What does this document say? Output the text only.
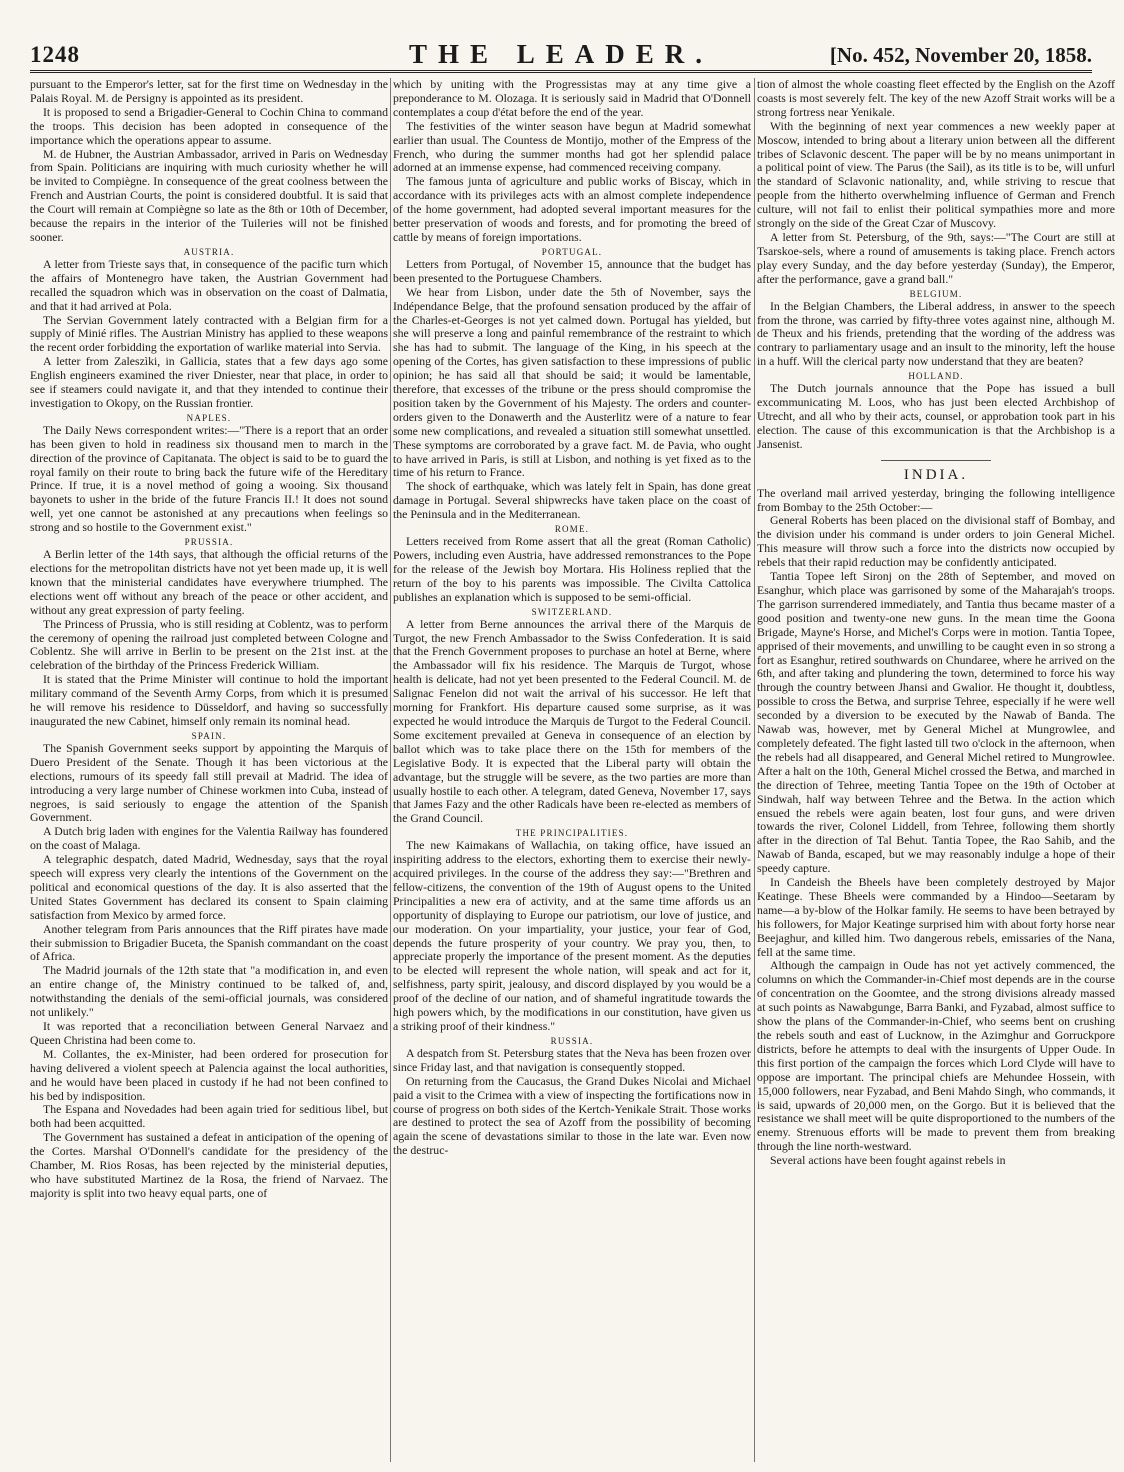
1248	THE LEADER.	[No. 452, November 20, 1858.

pursuant to the Emperor's letter, sat for the first time on Wednesday in the Palais Royal. M. de Persigny is appointed as its president.

It is proposed to send a Brigadier-General to Cochin China to command the troops. This decision has been adopted in consequence of the importance which the operations appear to assume.

M. de Hubner, the Austrian Ambassador, arrived in Paris on Wednesday from Spain. Politicians are inquiring with much curiosity whether he will be invited to Compiègne. In consequence of the great coolness between the French and Austrian Courts, the point is considered doubtful. It is said that the Court will remain at Compiègne so late as the 8th or 10th of December, because the repairs in the interior of the Tuileries will not be finished sooner.

AUSTRIA.

A letter from Trieste says that, in consequence of the pacific turn which the affairs of Montenegro have taken, the Austrian Government had recalled the squadron which was in observation on the coast of Dalmatia, and that it had arrived at Pola.

The Servian Government lately contracted with a Belgian firm for a supply of Minié rifles. The Austrian Ministry has applied to these weapons the recent order forbidding the exportation of warlike material into Servia.

A letter from Zaleszìki, in Gallicia, states that a few days ago some English engineers examined the river Dniester, near that place, in order to see if steamers could navigate it, and that they intended to continue their investigation to Okopy, on the Russian frontier.

NAPLES.

The Daily News correspondent writes:—"There is a report that an order has been given to hold in readiness six thousand men to march in the direction of the province of Capitanata. The object is said to be to guard the royal family on their route to bring back the future wife of the Hereditary Prince. If true, it is a novel method of going a wooing. Six thousand bayonets to usher in the bride of the future Francis II.! It does not sound well, yet one cannot be astonished at any precautions when feelings so strong and so hostile to the Government exist."

PRUSSIA.

A Berlin letter of the 14th says, that although the official returns of the elections for the metropolitan districts have not yet been made up, it is well known that the ministerial candidates have everywhere triumphed. The elections went off without any breach of the peace or other accident, and without any great expression of party feeling.

The Princess of Prussia, who is still residing at Coblentz, was to perform the ceremony of opening the railroad just completed between Cologne and Coblentz. She will arrive in Berlin to be present on the 21st inst. at the celebration of the birthday of the Princess Frederick William.

It is stated that the Prime Minister will continue to hold the important military command of the Seventh Army Corps, from which it is presumed he will remove his residence to Düsseldorf, and having so successfully inaugurated the new Cabinet, himself only remain its nominal head.

SPAIN.

The Spanish Government seeks support by appointing the Marquis of Duero President of the Senate. Though it has been victorious at the elections, rumours of its speedy fall still prevail at Madrid. The idea of introducing a very large number of Chinese workmen into Cuba, instead of negroes, is said seriously to engage the attention of the Spanish Government.

A Dutch brig laden with engines for the Valentia Railway has foundered on the coast of Malaga.

A telegraphic despatch, dated Madrid, Wednesday, says that the royal speech will express very clearly the intentions of the Government on the political and economical questions of the day. It is also asserted that the United States Government has declared its consent to Spain claiming satisfaction from Mexico by armed force.

Another telegram from Paris announces that the Riff pirates have made their submission to Brigadier Buceta, the Spanish commandant on the coast of Africa.

The Madrid journals of the 12th state that "a modification in, and even an entire change of, the Ministry continued to be talked of, and, notwithstanding the denials of the semi-official journals, was considered not unlikely."

It was reported that a reconciliation between General Narvaez and Queen Christina had been come to.

M. Collantes, the ex-Minister, had been ordered for prosecution for having delivered a violent speech at Palencia against the local authorities, and he would have been placed in custody if he had not been confined to his bed by indisposition.

The Espana and Novedades had been again tried for seditious libel, but both had been acquitted.

The Government has sustained a defeat in anticipation of the opening of the Cortes. Marshal O'Donnell's candidate for the presidency of the Chamber, M. Rios Rosas, has been rejected by the ministerial deputies, who have substituted Martinez de la Rosa, the friend of Narvaez. The majority is split into two heavy equal parts, one of

which by uniting with the Progressistas may at any time give a preponderance to M. Olozaga. It is seriously said in Madrid that O'Donnell contemplates a coup d'état before the end of the year.

The festivities of the winter season have begun at Madrid somewhat earlier than usual. The Countess de Montijo, mother of the Empress of the French, who during the summer months had got her splendid palace adorned at an immense expense, had commenced receiving company.

The famous junta of agriculture and public works of Biscay, which in accordance with its privileges acts with an almost complete independence of the home government, had adopted several important measures for the better preservation of woods and forests, and for promoting the breed of cattle by means of foreign importations.

PORTUGAL.

Letters from Portugal, of November 15, announce that the budget has been presented to the Portuguese Chambers.

We hear from Lisbon, under date the 5th of November, says the Indépendance Belge, that the profound sensation produced by the affair of the Charles-et-Georges is not yet calmed down. Portugal has yielded, but she will preserve a long and painful remembrance of the restraint to which she has had to submit. The language of the King, in his speech at the opening of the Cortes, has given satisfaction to these impressions of public opinion; he has said all that should be said; it would be lamentable, therefore, that excesses of the tribune or the press should compromise the position taken by the Government of his Majesty. The orders and counter-orders given to the Donawerth and the Austerlitz were of a nature to fear some new complications, and revealed a situation still somewhat unsettled. These symptoms are corroborated by a grave fact. M. de Pavia, who ought to have arrived in Paris, is still at Lisbon, and nothing is yet fixed as to the time of his return to France.

The shock of earthquake, which was lately felt in Spain, has done great damage in Portugal. Several shipwrecks have taken place on the coast of the Peninsula and in the Mediterranean.

ROME.

Letters received from Rome assert that all the great (Roman Catholic) Powers, including even Austria, have addressed remonstrances to the Pope for the release of the Jewish boy Mortara. His Holiness replied that the return of the boy to his parents was impossible. The Civilta Cattolica publishes an explanation which is supposed to be semi-official.

SWITZERLAND.

A letter from Berne announces the arrival there of the Marquis de Turgot, the new French Ambassador to the Swiss Confederation. It is said that the French Government proposes to purchase an hotel at Berne, where the Ambassador will fix his residence. The Marquis de Turgot, whose health is delicate, had not yet been presented to the Federal Council. M. de Salignac Fenelon did not wait the arrival of his successor. He left that morning for Frankfort. His departure caused some surprise, as it was expected he would introduce the Marquis de Turgot to the Federal Council. Some excitement prevailed at Geneva in consequence of an election by ballot which was to take place there on the 15th for members of the Legislative Body. It is expected that the Liberal party will obtain the advantage, but the struggle will be severe, as the two parties are more than usually hostile to each other. A telegram, dated Geneva, November 17, says that James Fazy and the other Radicals have been re-elected as members of the Grand Council.

THE PRINCIPALITIES.

The new Kaimakans of Wallachia, on taking office, have issued an inspiriting address to the electors, exhorting them to exercise their newly-acquired privileges. In the course of the address they say:—"Brethren and fellow-citizens, the convention of the 19th of August opens to the United Principalities a new era of activity, and at the same time affords us an opportunity of displaying to Europe our patriotism, our love of justice, and our moderation. On your impartiality, your justice, your fear of God, depends the future prosperity of your country. We pray you, then, to appreciate properly the importance of the present moment. As the deputies to be elected will represent the whole nation, will speak and act for it, selfishness, party spirit, jealousy, and discord displayed by you would be a proof of the decline of our nation, and of shameful ingratitude towards the high powers which, by the modifications in our constitution, have given us a striking proof of their kindness."

RUSSIA.

A despatch from St. Petersburg states that the Neva has been frozen over since Friday last, and that navigation is consequently stopped.

On returning from the Caucasus, the Grand Dukes Nicolai and Michael paid a visit to the Crimea with a view of inspecting the fortifications now in course of progress on both sides of the Kertch-Yenikale Strait. Those works are destined to protect the sea of Azoff from the possibility of becoming again the scene of devastations similar to those in the late war. Even now the destruc-

tion of almost the whole coasting fleet effected by the English on the Azoff coasts is most severely felt. The key of the new Azoff Strait works will be a strong fortress near Yenikale.

With the beginning of next year commences a new weekly paper at Moscow, intended to bring about a literary union between all the different tribes of Sclavonic descent. The paper will be by no means unimportant in a political point of view. The Parus (the Sail), as its title is to be, will unfurl the standard of Sclavonic nationality, and, while striving to rescue that people from the hitherto overwhelming influence of German and French culture, will not fail to enlist their political sympathies more and more strongly on the side of the Great Czar of Muscovy.

A letter from St. Petersburg, of the 9th, says:—"The Court are still at Tsarskoe-sels, where a round of amusements is taking place. French actors play every Sunday, and the day before yesterday (Sunday), the Emperor, after the performance, gave a grand ball."

BELGIUM.

In the Belgian Chambers, the Liberal address, in answer to the speech from the throne, was carried by fifty-three votes against nine, although M. de Theux and his friends, pretending that the wording of the address was contrary to parliamentary usage and an insult to the minority, left the house in a huff. Will the clerical party now understand that they are beaten?

HOLLAND.

The Dutch journals announce that the Pope has issued a bull excommunicating M. Loos, who has just been elected Archbishop of Utrecht, and all who by their acts, counsel, or approbation took part in his election. The cause of this excommunication is that the Archbishop is a Jansenist.

INDIA.

The overland mail arrived yesterday, bringing the following intelligence from Bombay to the 25th October:—

General Roberts has been placed on the divisional staff of Bombay, and the division under his command is under orders to join General Michel. This measure will throw such a force into the districts now occupied by rebels that their rapid reduction may be confidently anticipated.

Tantia Topee left Sironj on the 28th of September, and moved on Esanghur, which place was garrisoned by some of the Maharajah's troops. The garrison surrendered immediately, and Tantia thus became master of a good position and twenty-one new guns. In the mean time the Goona Brigade, Mayne's Horse, and Michel's Corps were in motion. Tantia Topee, apprised of their movements, and unwilling to be caught even in so strong a fort as Esanghur, retired southwards on Chundaree, where he arrived on the 6th, and after taking and plundering the town, determined to force his way through the country between Jhansi and Gwalior. He thought it, doubtless, possible to cross the Betwa, and surprise Tehree, especially if he were well seconded by a diversion to be executed by the Nawab of Banda. The Nawab was, however, met by General Michel at Mungrowlee, and completely defeated. The fight lasted till two o'clock in the afternoon, when the rebels had all disappeared, and General Michel retired to Mungrowlee. After a halt on the 10th, General Michel crossed the Betwa, and marched in the direction of Tehree, meeting Tantia Topee on the 19th of October at Sindwah, half way between Tehree and the Betwa. In the action which ensued the rebels were again beaten, lost four guns, and were driven towards the river, Colonel Liddell, from Tehree, following them shortly after in the direction of Tal Behut. Tantia Topee, the Rao Sahib, and the Nawab of Banda, escaped, but we may reasonably indulge a hope of their speedy capture.

In Candeish the Bheels have been completely destroyed by Major Keatinge. These Bheels were commanded by a Hindoo—Seetaram by name—a by-blow of the Holkar family. He seems to have been betrayed by his followers, for Major Keatinge surprised him with about forty horse near Beejaghur, and killed him. Two dangerous rebels, emissaries of the Nana, fell at the same time.

Although the campaign in Oude has not yet actively commenced, the columns on which the Commander-in-Chief most depends are in the course of concentration on the Goomtee, and the strong divisions already massed at such points as Nawabgunge, Barra Banki, and Fyzabad, almost suffice to show the plans of the Commander-in-Chief, who seems bent on crushing the rebels south and east of Lucknow, in the Azimghur and Gorruckpore districts, before he attempts to deal with the insurgents of Upper Oude. In this first portion of the campaign the forces which Lord Clyde will have to oppose are important. The principal chiefs are Mehundee Hossein, with 15,000 followers, near Fyzabad, and Beni Mahdo Singh, who commands, it is said, upwards of 20,000 men, on the Gorgo. But it is believed that the resistance we shall meet will be quite disproportioned to the numbers of the enemy. Strenuous efforts will be made to prevent them from breaking through the line north-westward.

Several actions have been fought against rebels in
